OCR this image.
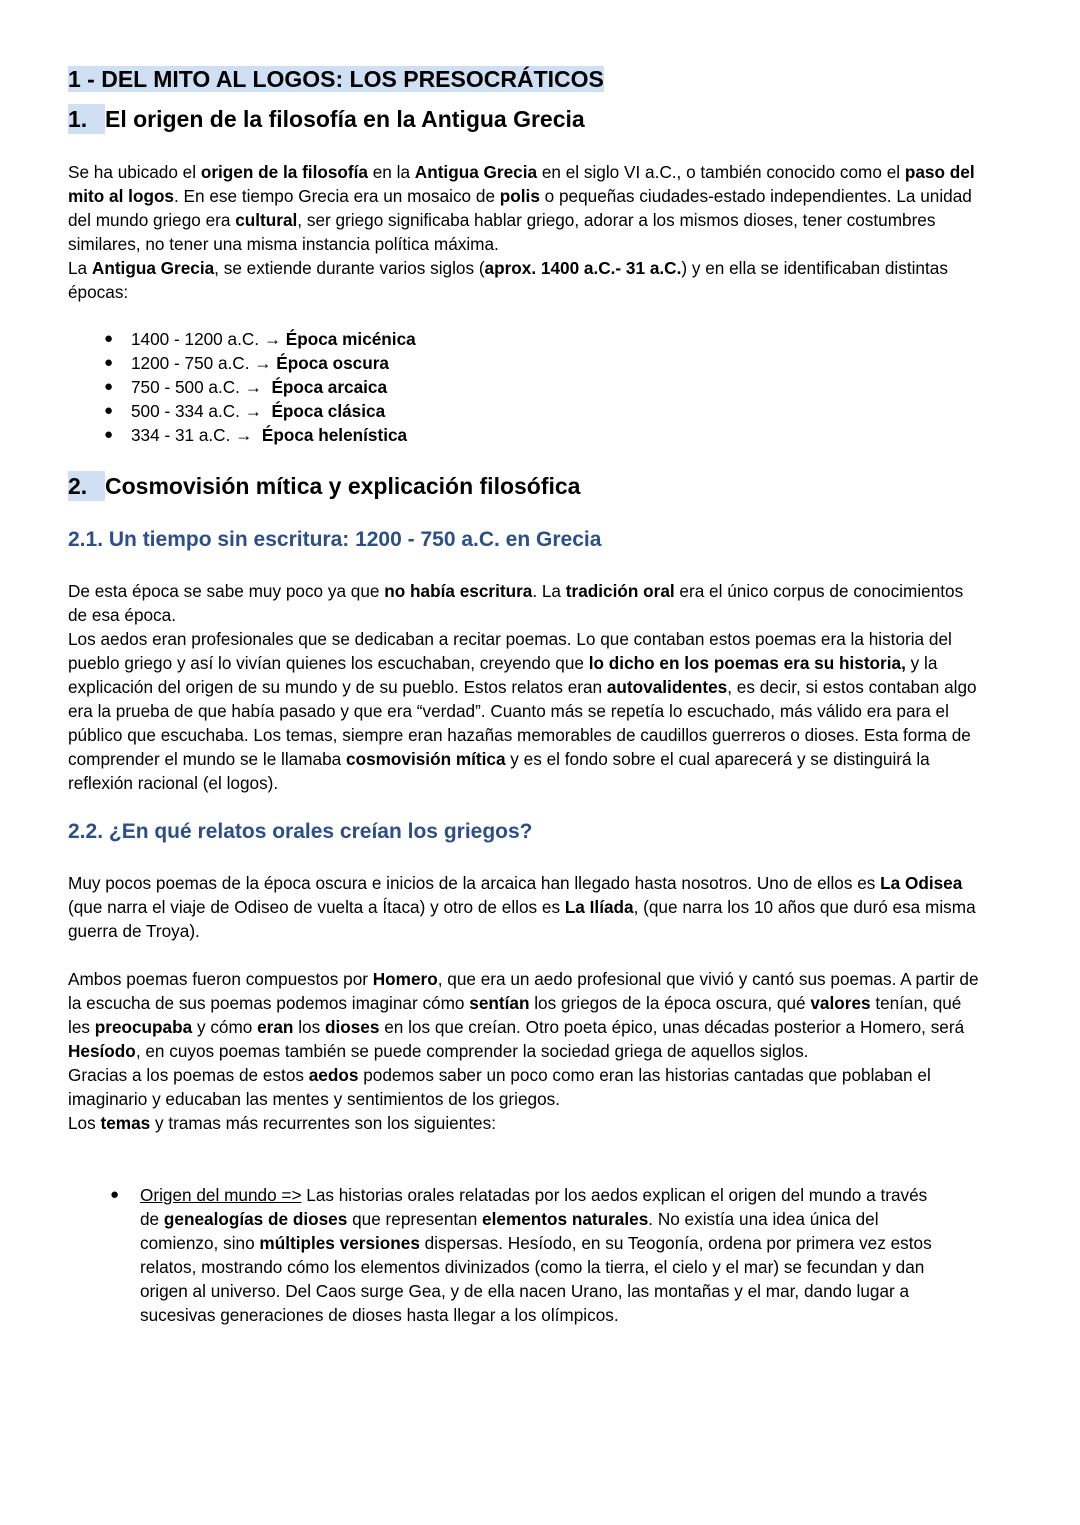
1 - DEL MITO AL LOGOS: LOS PRESOCRÁTICOS
1. El origen de la filosofía en la Antigua Grecia
Se ha ubicado el origen de la filosofía en la Antigua Grecia en el siglo VI a.C., o también conocido como el paso del mito al logos. En ese tiempo Grecia era un mosaico de polis o pequeñas ciudades-estado independientes. La unidad del mundo griego era cultural, ser griego significaba hablar griego, adorar a los mismos dioses, tener costumbres similares, no tener una misma instancia política máxima.
La Antigua Grecia, se extiende durante varios siglos (aprox. 1400 a.C.- 31 a.C.) y en ella se identificaban distintas épocas:
● 1400 - 1200 a.C. → Época micénica
● 1200 - 750 a.C. → Época oscura
● 750 - 500 a.C. →  Época arcaica
● 500 - 334 a.C. →  Época clásica
● 334 - 31 a.C. →  Época helenística
2. Cosmovisión mítica y explicación filosófica
2.1. Un tiempo sin escritura: 1200 - 750 a.C. en Grecia
De esta época se sabe muy poco ya que no había escritura. La tradición oral era el único corpus de conocimientos de esa época.
Los aedos eran profesionales que se dedicaban a recitar poemas. Lo que contaban estos poemas era la historia del pueblo griego y así lo vivían quienes los escuchaban, creyendo que lo dicho en los poemas era su historia, y la explicación del origen de su mundo y de su pueblo. Estos relatos eran autovalidentes, es decir, si estos contaban algo era la prueba de que había pasado y que era “verdad”. Cuanto más se repetía lo escuchado, más válido era para el público que escuchaba. Los temas, siempre eran hazañas memorables de caudillos guerreros o dioses. Esta forma de comprender el mundo se le llamaba cosmovisión mítica y es el fondo sobre el cual aparecerá y se distinguirá la reflexión racional (el logos).
2.2. ¿En qué relatos orales creían los griegos?
Muy pocos poemas de la época oscura e inicios de la arcaica han llegado hasta nosotros. Uno de ellos es La Odisea (que narra el viaje de Odiseo de vuelta a Ítaca) y otro de ellos es La Ilíada, (que narra los 10 años que duró esa misma guerra de Troya).
Ambos poemas fueron compuestos por Homero, que era un aedo profesional que vivió y cantó sus poemas. A partir de la escucha de sus poemas podemos imaginar cómo sentían los griegos de la época oscura, qué valores tenían, qué les preocupaba y cómo eran los dioses en los que creían. Otro poeta épico, unas décadas posterior a Homero, será Hesíodo, en cuyos poemas también se puede comprender la sociedad griega de aquellos siglos.
Gracias a los poemas de estos aedos podemos saber un poco como eran las historias cantadas que poblaban el imaginario y educaban las mentes y sentimientos de los griegos.
Los temas y tramas más recurrentes son los siguientes:
● Origen del mundo => Las historias orales relatadas por los aedos explican el origen del mundo a través de genealogías de dioses que representan elementos naturales. No existía una idea única del comienzo, sino múltiples versiones dispersas. Hesíodo, en su Teogonía, ordena por primera vez estos relatos, mostrando cómo los elementos divinizados (como la tierra, el cielo y el mar) se fecundan y dan origen al universo. Del Caos surge Gea, y de ella nacen Urano, las montañas y el mar, dando lugar a sucesivas generaciones de dioses hasta llegar a los olímpicos.
